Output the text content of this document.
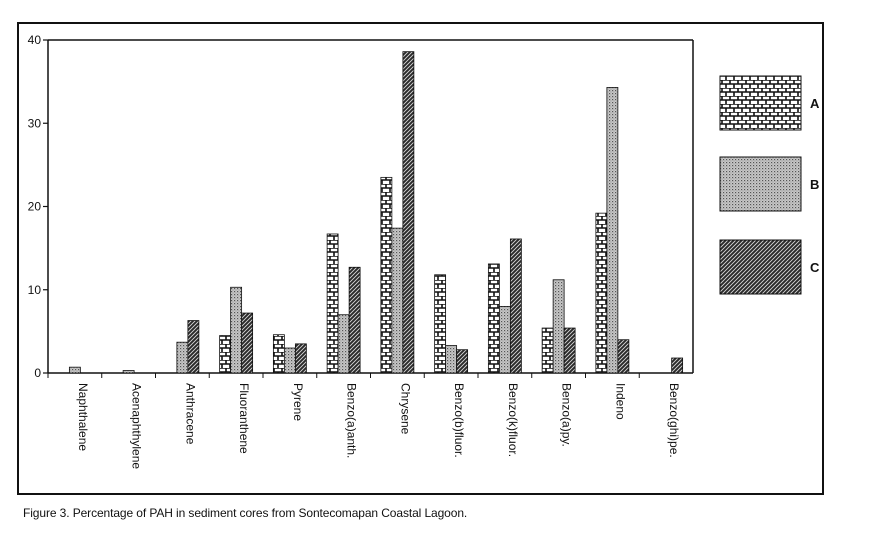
0
10
20
30
40
Naphthalene	Acenaphthylene	Anthracene	Fluoranthene	Pyrene	Benzo(a)anth.	Chrysene	Benzo(b)fluor.	Benzo(k)fluor.	Benzo(a)py.	Indeno	Benzo(ghi)pe.
A
B
C
Figure 3. Percentage of PAH in sediment cores from Sontecomapan Coastal Lagoon.
